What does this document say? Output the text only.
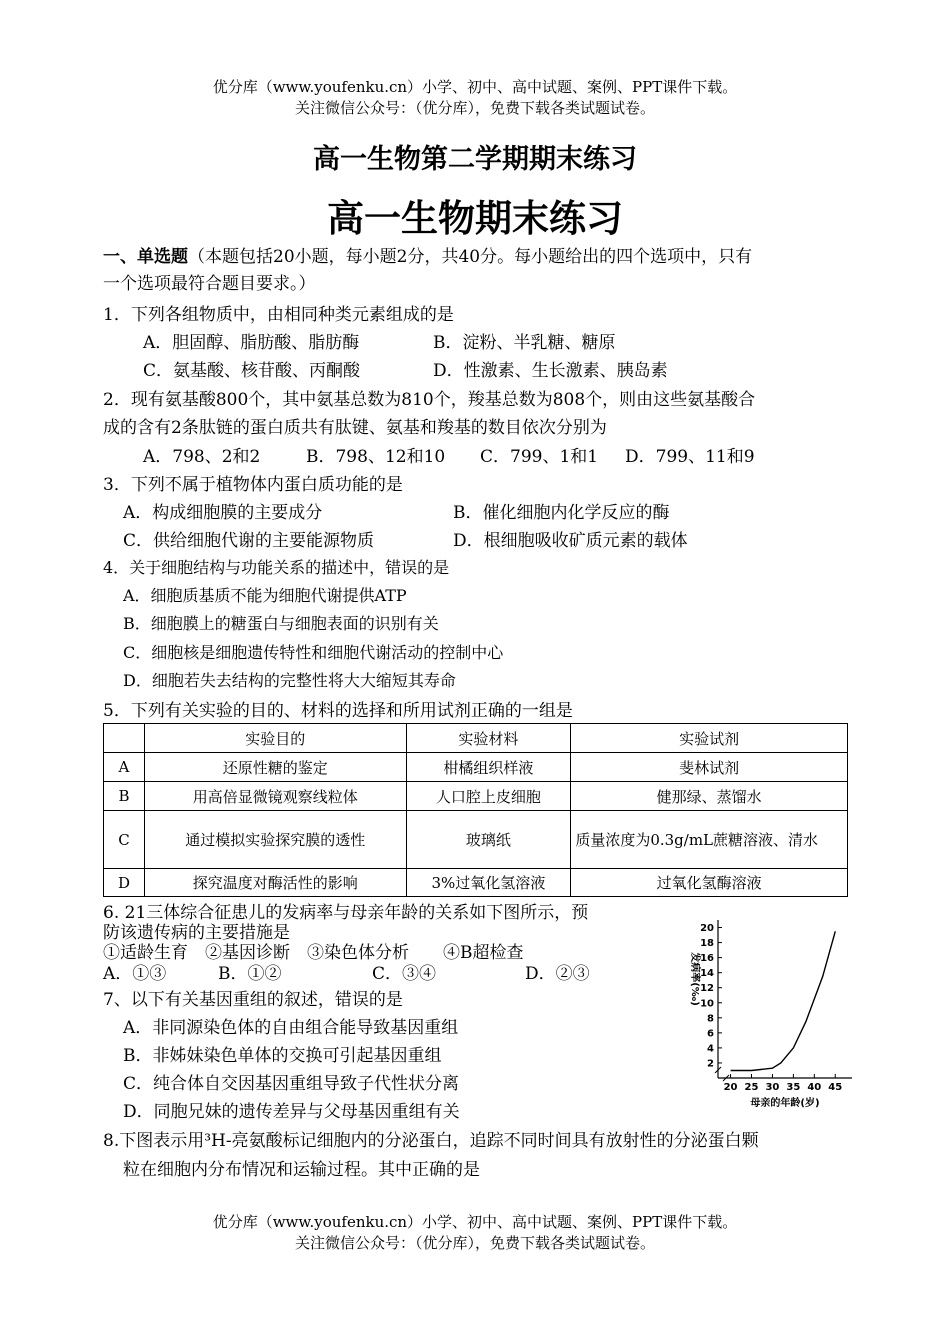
优分库（www.youfenku.cn）小学、初中、高中试题、案例、PPT课件下载。
关注微信公众号：（优分库），免费下载各类试题试卷。
高一生物第二学期期末练习
高一生物期末练习
一、单选题（本题包括20小题，每小题2分，共40分。每小题给出的四个选项中，只有
一个选项最符合题目要求。）
1．下列各组物质中，由相同种类元素组成的是
A．胆固醇、脂肪酸、脂肪酶	B．淀粉、半乳糖、糖原
C．氨基酸、核苷酸、丙酮酸	D．性激素、生长激素、胰岛素
2．现有氨基酸800个，其中氨基总数为810个，羧基总数为808个，则由这些氨基酸合
成的含有2条肽链的蛋白质共有肽键、氨基和羧基的数目依次分别为
A．798、2和2	B．798、12和10 C．799、1和1 D．799、11和9
3．下列不属于植物体内蛋白质功能的是
A．构成细胞膜的主要成分	B．催化细胞内化学反应的酶
C．供给细胞代谢的主要能源物质	D．根细胞吸收矿质元素的载体
4．关于细胞结构与功能关系的描述中，错误的是
A．细胞质基质不能为细胞代谢提供ATP
B．细胞膜上的糖蛋白与细胞表面的识别有关
C．细胞核是细胞遗传特性和细胞代谢活动的控制中心
D．细胞若失去结构的完整性将大大缩短其寿命
5．下列有关实验的目的、材料的选择和所用试剂正确的一组是
	实验目的	实验材料	实验试剂
A	还原性糖的鉴定	柑橘组织样液	斐林试剂
B	用高倍显微镜观察线粒体	人口腔上皮细胞	健那绿、蒸馏水
C	通过模拟实验探究膜的透性	玻璃纸	质量浓度为0.3g/mL蔗糖溶液、清水
D	探究温度对酶活性的影响	3%过氧化氢溶液	过氧化氢酶溶液
6. 21三体综合征患儿的发病率与母亲年龄的关系如下图所示，预
防该遗传病的主要措施是
①适龄生育　②基因诊断　③染色体分析　　④B超检查
A．①③	B．①②	C．③④	D．②③
2
4
6
8
10
12
14
16
18
20
20 25 30 35 40 45
母亲的年龄(岁)
发病率(‰)
7、以下有关基因重组的叙述，错误的是
A．非同源染色体的自由组合能导致基因重组
B．非姊妹染色单体的交换可引起基因重组
C．纯合体自交因基因重组导致子代性状分离
D．同胞兄妹的遗传差异与父母基因重组有关
8.下图表示用³H-亮氨酸标记细胞内的分泌蛋白，追踪不同时间具有放射性的分泌蛋白颗
粒在细胞内分布情况和运输过程。其中正确的是
优分库（www.youfenku.cn）小学、初中、高中试题、案例、PPT课件下载。
关注微信公众号：（优分库），免费下载各类试题试卷。
